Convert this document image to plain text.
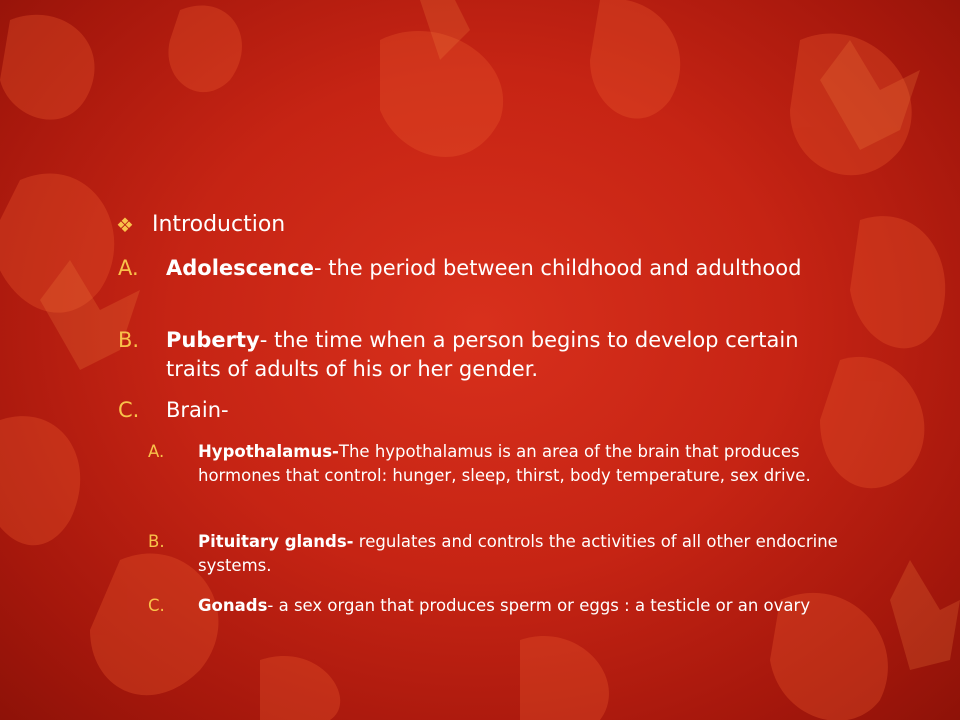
❖ Introduction
A.	Adolescence- the period between childhood and adulthood
B.	Puberty- the time when a person begins to develop certain traits of adults of his or her gender.
C.	Brain-
A.	Hypothalamus-The hypothalamus is an area of the brain that produces hormones that control: hunger, sleep, thirst, body temperature, sex drive.
B.	Pituitary glands- regulates and controls the activities of all other endocrine systems.
C.	Gonads- a sex organ that produces sperm or eggs : a testicle or an ovary
